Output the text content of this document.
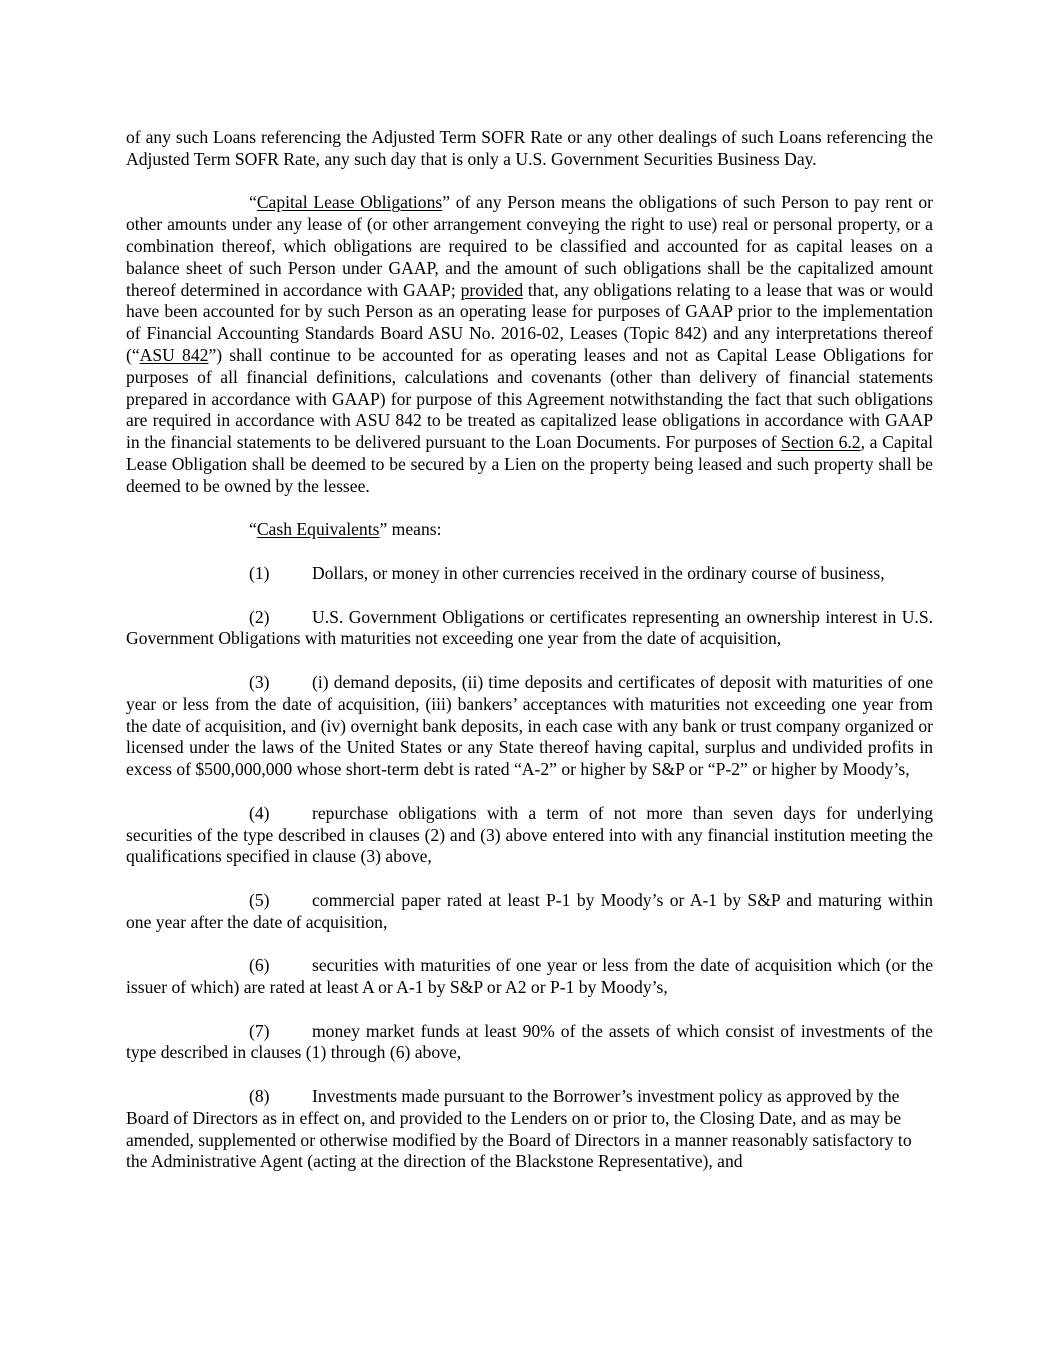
of any such Loans referencing the Adjusted Term SOFR Rate or any other dealings of such Loans referencing the Adjusted Term SOFR Rate, any such day that is only a U.S. Government Securities Business Day.

“Capital Lease Obligations” of any Person means the obligations of such Person to pay rent or other amounts under any lease of (or other arrangement conveying the right to use) real or personal property, or a combination thereof, which obligations are required to be classified and accounted for as capital leases on a balance sheet of such Person under GAAP, and the amount of such obligations shall be the capitalized amount thereof determined in accordance with GAAP; provided that, any obligations relating to a lease that was or would have been accounted for by such Person as an operating lease for purposes of GAAP prior to the implementation of Financial Accounting Standards Board ASU No. 2016-02, Leases (Topic 842) and any interpretations thereof (“ASU 842”) shall continue to be accounted for as operating leases and not as Capital Lease Obligations for purposes of all financial definitions, calculations and covenants (other than delivery of financial statements prepared in accordance with GAAP) for purpose of this Agreement notwithstanding the fact that such obligations are required in accordance with ASU 842 to be treated as capitalized lease obligations in accordance with GAAP in the financial statements to be delivered pursuant to the Loan Documents. For purposes of Section 6.2, a Capital Lease Obligation shall be deemed to be secured by a Lien on the property being leased and such property shall be deemed to be owned by the lessee.

“Cash Equivalents” means:

(1) Dollars, or money in other currencies received in the ordinary course of business,

(2) U.S. Government Obligations or certificates representing an ownership interest in U.S. Government Obligations with maturities not exceeding one year from the date of acquisition,

(3) (i) demand deposits, (ii) time deposits and certificates of deposit with maturities of one year or less from the date of acquisition, (iii) bankers’ acceptances with maturities not exceeding one year from the date of acquisition, and (iv) overnight bank deposits, in each case with any bank or trust company organized or licensed under the laws of the United States or any State thereof having capital, surplus and undivided profits in excess of $500,000,000 whose short-term debt is rated “A-2” or higher by S&P or “P-2” or higher by Moody’s,

(4) repurchase obligations with a term of not more than seven days for underlying securities of the type described in clauses (2) and (3) above entered into with any financial institution meeting the qualifications specified in clause (3) above,

(5) commercial paper rated at least P-1 by Moody’s or A-1 by S&P and maturing within one year after the date of acquisition,

(6) securities with maturities of one year or less from the date of acquisition which (or the issuer of which) are rated at least A or A-1 by S&P or A2 or P-1 by Moody’s,

(7) money market funds at least 90% of the assets of which consist of investments of the type described in clauses (1) through (6) above,

(8) Investments made pursuant to the Borrower’s investment policy as approved by the Board of Directors as in effect on, and provided to the Lenders on or prior to, the Closing Date, and as may be amended, supplemented or otherwise modified by the Board of Directors in a manner reasonably satisfactory to the Administrative Agent (acting at the direction of the Blackstone Representative), and
